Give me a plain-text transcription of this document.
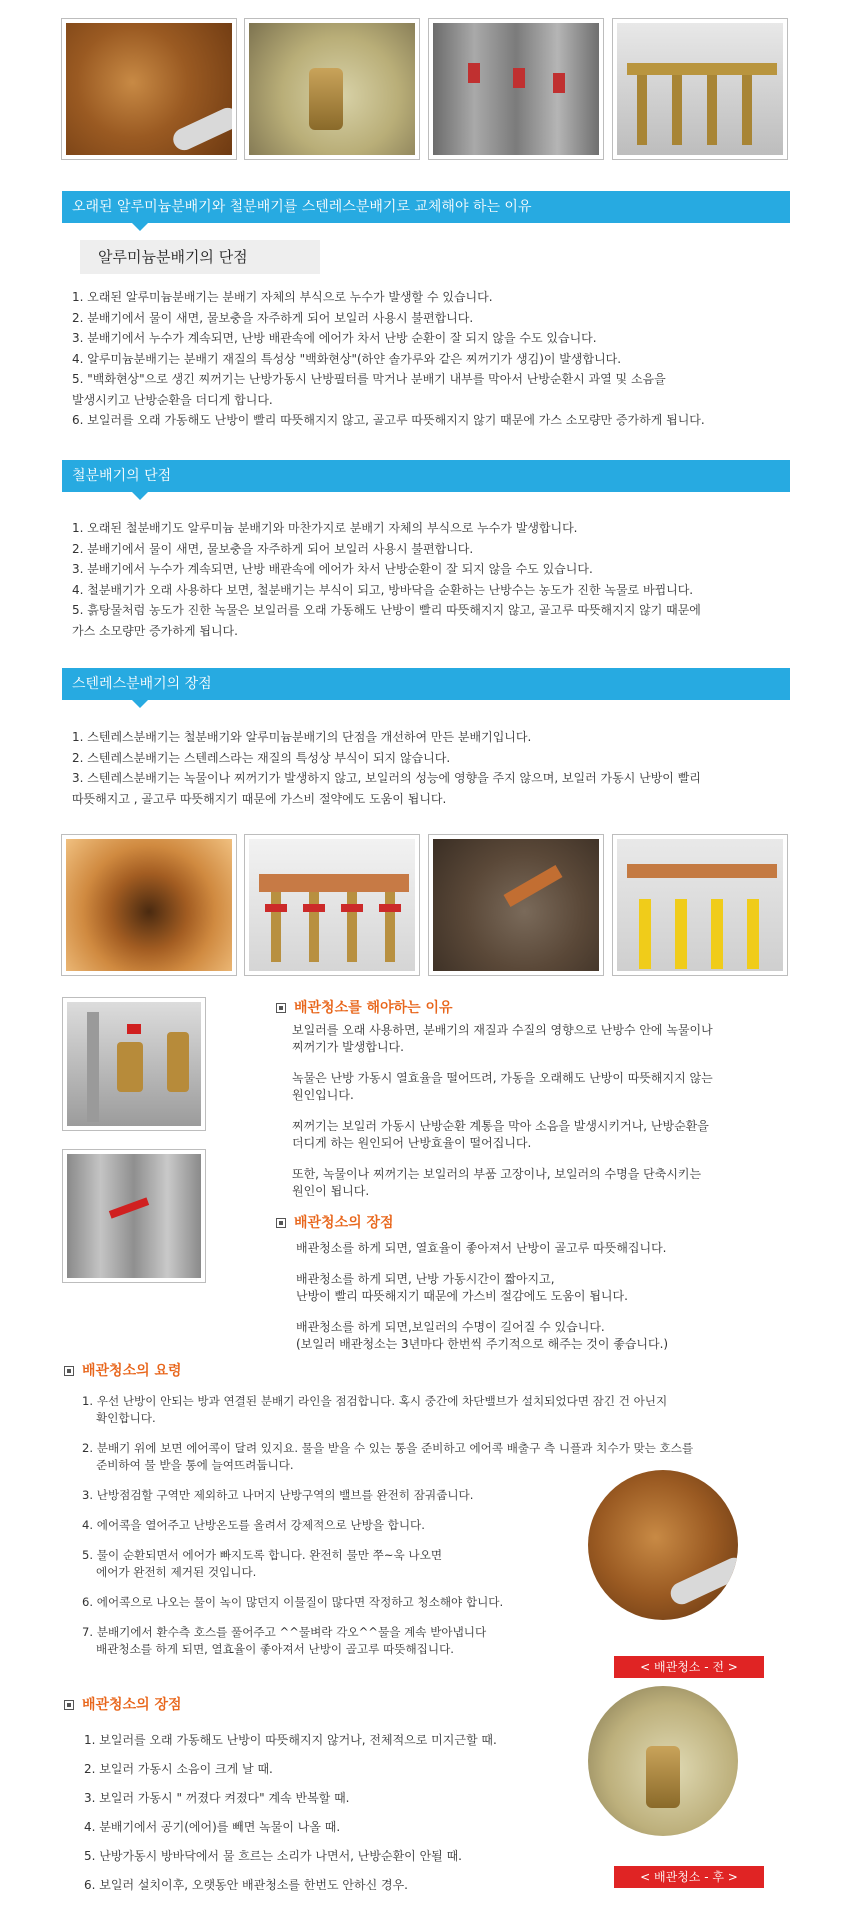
오래된 알루미늄분배기와 철분배기를 스텐레스분배기로 교체해야 하는 이유
알루미늄분배기의 단점
1. 오래된 알루미늄분배기는 분배기 자체의 부식으로 누수가 발생할 수 있습니다.
2. 분배기에서 물이 새면, 물보충을 자주하게 되어 보일러 사용시 불편합니다.
3. 분배기에서 누수가 계속되면, 난방 배관속에 에어가 차서 난방 순환이 잘 되지 않을 수도 있습니다.
4. 알루미늄분배기는 분배기 재질의 특성상 "백화현상"(하얀 솔가루와 같은 찌꺼기가 생김)이 발생합니다.
5. "백화현상"으로 생긴 찌꺼기는 난방가동시 난방필터를 막거나 분배기 내부를 막아서 난방순환시 과열 및 소음을
발생시키고 난방순환을 더디게 합니다.
6. 보일러를 오래 가동해도 난방이 빨리 따뜻해지지 않고, 골고루 따뜻해지지 않기 때문에 가스 소모량만 증가하게 됩니다.
철분배기의 단점
1. 오래된 철분배기도 알루미늄 분배기와 마찬가지로 분배기 자체의 부식으로 누수가 발생합니다.
2. 분배기에서 물이 새면, 물보충을 자주하게 되어 보일러 사용시 불편합니다.
3. 분배기에서 누수가 계속되면, 난방 배관속에 에어가 차서 난방순환이 잘 되지 않을 수도 있습니다.
4. 철분배기가 오래 사용하다 보면, 철분배기는 부식이 되고, 방바닥을 순환하는 난방수는 농도가 진한 녹물로 바뀝니다.
5. 흙탕물처럼 농도가 진한 녹물은 보일러를 오래 가동해도 난방이 빨리 따뜻해지지 않고, 골고루 따뜻해지지 않기 때문에
가스 소모량만 증가하게 됩니다.
스텐레스분배기의 장점
1. 스텐레스분배기는 철분배기와 알루미늄분배기의 단점을 개선하여 만든 분배기입니다.
2. 스텐레스분배기는 스텐레스라는 재질의 특성상 부식이 되지 않습니다.
3. 스텐레스분배기는 녹물이나 찌꺼기가 발생하지 않고, 보일러의 성능에 영향을 주지 않으며, 보일러 가동시 난방이 빨리
따뜻해지고 , 골고루 따뜻해지기 때문에 가스비 절약에도 도움이 됩니다.
배관청소를 해야하는 이유

보일러를 오래 사용하면, 분배기의 재질과 수질의 영향으로 난방수 안에 녹물이나

찌꺼기가 발생합니다.

녹물은 난방 가동시 열효율을 떨어뜨려, 가동을 오래해도 난방이 따뜻해지지 않는

원인입니다.

찌꺼기는 보일러 가동시 난방순환 계통을 막아 소음을 발생시키거나, 난방순환을

더디게 하는 원인되어 난방효율이 떨어집니다.

또한, 녹물이나 찌꺼기는 보일러의 부품 고장이나, 보일러의 수명을 단축시키는

원인이 됩니다.

배관청소의 장점

배관청소를 하게 되면, 열효율이 좋아져서 난방이 골고루 따뜻해집니다.

배관청소를 하게 되면, 난방 가동시간이 짧아지고,

난방이 빨리 따뜻해지기 때문에 가스비 절감에도 도움이 됩니다.

배관청소를 하게 되면,보일러의 수명이 길어질 수 있습니다.

(보일러 배관청소는 3년마다 한번씩 주기적으로 해주는 것이 좋습니다.)

배관청소의 요령

1. 우선 난방이 안되는 방과 연결된 분배기 라인을 점검합니다. 혹시 중간에 차단밸브가 설치되었다면 잠긴 건 아닌지

확인합니다.

2. 분배기 위에 보면 에어콕이 달려 있지요. 물을 받을 수 있는 통을 준비하고 에어콕 배출구 측 니플과 치수가 맞는 호스를

준비하여 물 받을 통에 늘여뜨려둡니다.

3. 난방점검할 구역만 제외하고 나머지 난방구역의 밸브를 완전히 잠궈줍니다.

4. 에어콕을 열어주고 난방온도를 올려서 강제적으로 난방을 합니다.

5. 물이 순환되면서 에어가 빠지도록 합니다. 완전히 물만 쭈~욱 나오면

에어가 완전히 제거된 것입니다.

6. 에어콕으로 나오는 물이 녹이 많던지 이물질이 많다면 작정하고 청소해야 합니다.

7. 분배기에서 환수측 호스를 풀어주고 ^^물벼락 각오^^물을 계속 받아냅니다

배관청소를 하게 되면, 열효율이 좋아져서 난방이 골고루 따뜻해집니다.

< 배관청소 - 전 >
배관청소의 장점
1. 보일러를 오래 가동해도 난방이 따뜻해지지 않거나, 전체적으로 미지근할 때.
2. 보일러 가동시 소음이 크게 날 때.
3. 보일러 가동시 " 꺼졌다 켜졌다" 계속 반복할 때.
4. 분배기에서 공기(에어)를 빼면 녹물이 나올 때.
5. 난방가동시 방바닥에서 물 흐르는 소리가 나면서, 난방순환이 안될 때.
6. 보일러 설치이후, 오랫동안 배관청소를 한번도 안하신 경우.
< 배관청소 - 후 >
